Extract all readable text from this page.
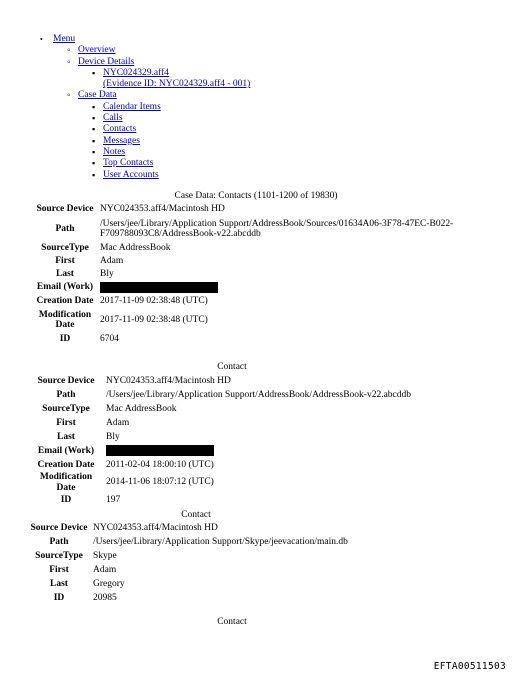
•
Menu
◦
Overview
◦
Device Details
▪
NYC024329.aff4
(Evidence ID: NYC024329.aff4 - 001)
◦
Case Data
▪
Calendar Items
▪
Calls
▪
Contacts
▪
Messages
▪
Notes
▪
Top Contacts
▪
User Accounts
Case Data: Contacts (1101-1200 of 19830)
Source Device	NYC024353.aff4/Macintosh HD
Path	/Users/jee/Library/Application Support/AddressBook/Sources/01634A06-3F78-47EC-B022-F709788093C8/AddressBook-v22.abcddb
SourceType	Mac AddressBook
First	Adam
Last	Bly
Email (Work)	
Creation Date	2017-11-09 02:38:48 (UTC)
Modification Date	2017-11-09 02:38:48 (UTC)
ID	6704
Contact
Source Device	NYC024353.aff4/Macintosh HD
Path	/Users/jee/Library/Application Support/AddressBook/AddressBook-v22.abcddb
SourceType	Mac AddressBook
First	Adam
Last	Bly
Email (Work)	
Creation Date	2011-02-04 18:00:10 (UTC)
Modification Date	2014-11-06 18:07:12 (UTC)
ID	197
Contact
Source Device	NYC024353.aff4/Macintosh HD
Path	/Users/jee/Library/Application Support/Skype/jeevacation/main.db
SourceType	Skype
First	Adam
Last	Gregory
ID	20985
Contact
EFTA00511503
